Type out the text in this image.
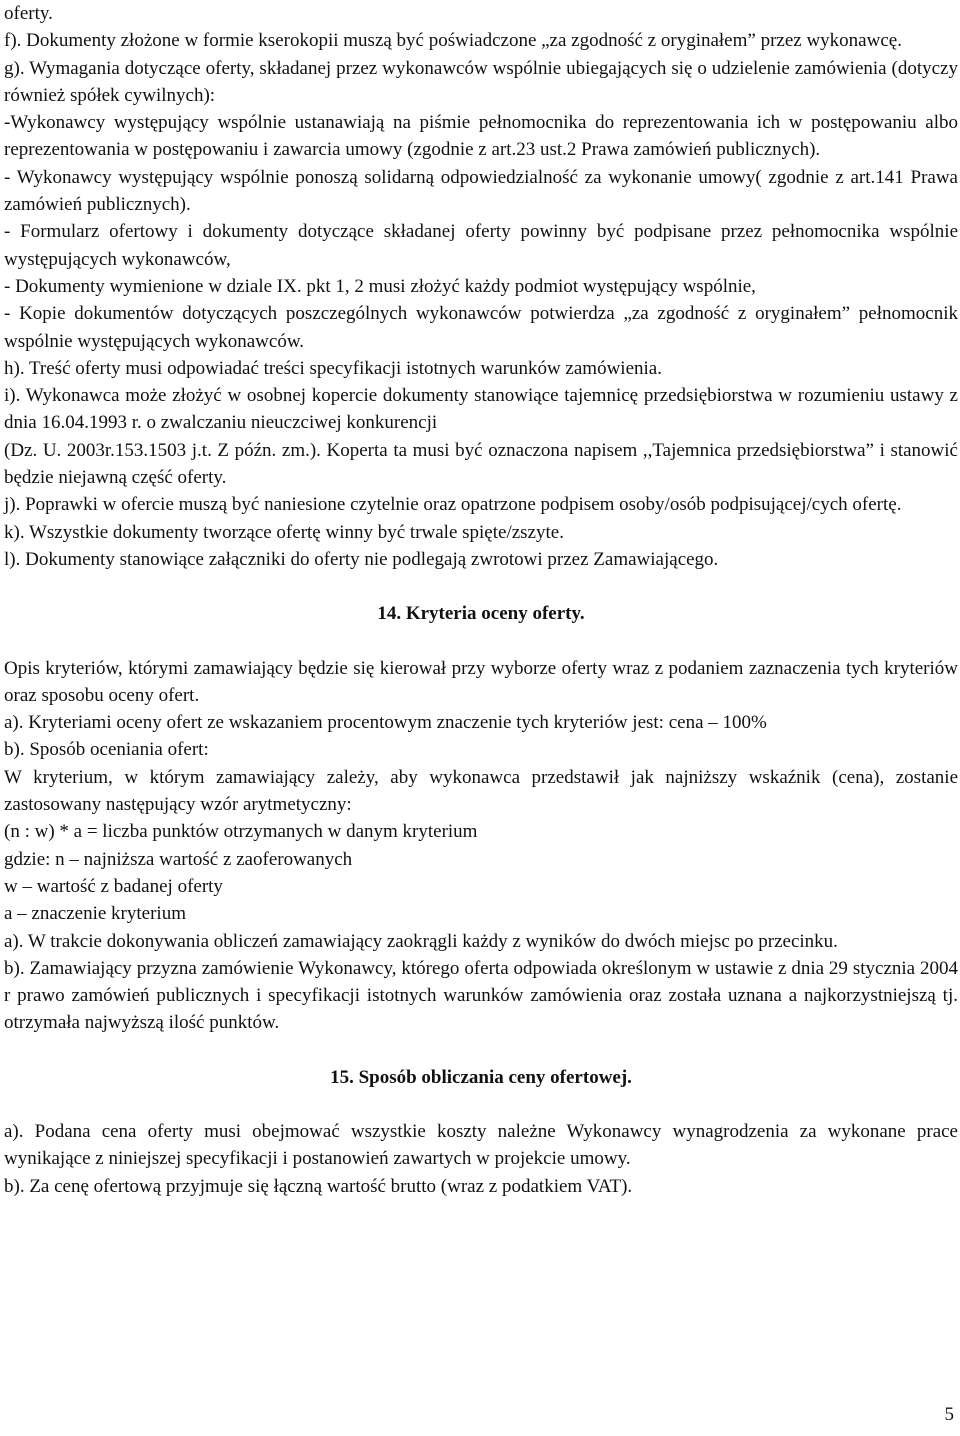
oferty.

f). Dokumenty złożone w formie kserokopii muszą być poświadczone „za zgodność z oryginałem” przez wykonawcę.

g). Wymagania dotyczące oferty, składanej przez wykonawców wspólnie ubiegających się o udzielenie zamówienia (dotyczy również spółek cywilnych):

-Wykonawcy występujący wspólnie ustanawiają na piśmie pełnomocnika do reprezentowania ich w postępowaniu albo reprezentowania w postępowaniu i zawarcia umowy (zgodnie z art.23 ust.2 Prawa zamówień publicznych).

- Wykonawcy występujący wspólnie ponoszą solidarną odpowiedzialność za wykonanie umowy( zgodnie z art.141 Prawa zamówień publicznych).

- Formularz ofertowy i dokumenty dotyczące składanej oferty powinny być podpisane przez pełnomocnika wspólnie występujących wykonawców,

- Dokumenty wymienione w dziale IX. pkt 1, 2 musi złożyć każdy podmiot występujący wspólnie,

- Kopie dokumentów dotyczących poszczególnych wykonawców potwierdza „za zgodność z oryginałem” pełnomocnik wspólnie występujących wykonawców.

h). Treść oferty musi odpowiadać treści specyfikacji istotnych warunków zamówienia.

i). Wykonawca może złożyć w osobnej kopercie dokumenty stanowiące tajemnicę przedsiębiorstwa w rozumieniu ustawy z dnia 16.04.1993 r. o zwalczaniu nieuczciwej konkurencji

(Dz. U. 2003r.153.1503 j.t. Z późn. zm.). Koperta ta musi być oznaczona napisem ,,Tajemnica przedsiębiorstwa” i stanowić będzie niejawną część oferty.

j). Poprawki w ofercie muszą być naniesione czytelnie oraz opatrzone podpisem osoby/osób podpisującej/cych ofertę.

k). Wszystkie dokumenty tworzące ofertę winny być trwale spięte/zszyte.

l). Dokumenty stanowiące załączniki do oferty nie podlegają zwrotowi przez Zamawiającego.

14. Kryteria oceny oferty.

Opis kryteriów, którymi zamawiający będzie się kierował przy wyborze oferty wraz z podaniem zaznaczenia tych kryteriów oraz sposobu oceny ofert.

a). Kryteriami oceny ofert ze wskazaniem procentowym znaczenie tych kryteriów jest: cena – 100%

b). Sposób oceniania ofert:

W kryterium, w którym zamawiający zależy, aby wykonawca przedstawił jak najniższy wskaźnik (cena), zostanie zastosowany następujący wzór arytmetyczny:

(n : w) * a = liczba punktów otrzymanych w danym kryterium

gdzie: n – najniższa wartość z zaoferowanych

w – wartość z badanej oferty

a – znaczenie kryterium

a). W trakcie dokonywania obliczeń zamawiający zaokrągli każdy z wyników do dwóch miejsc po przecinku.

b). Zamawiający przyzna zamówienie Wykonawcy, którego oferta odpowiada określonym w ustawie z dnia 29 stycznia 2004 r prawo zamówień publicznych i specyfikacji istotnych warunków zamówienia oraz została uznana a najkorzystniejszą tj. otrzymała najwyższą ilość punktów.

15. Sposób obliczania ceny ofertowej.

a). Podana cena oferty musi obejmować wszystkie koszty należne Wykonawcy wynagrodzenia za wykonane prace wynikające z niniejszej specyfikacji i postanowień zawartych w projekcie umowy.

b). Za cenę ofertową przyjmuje się łączną wartość brutto (wraz z podatkiem VAT).

5
